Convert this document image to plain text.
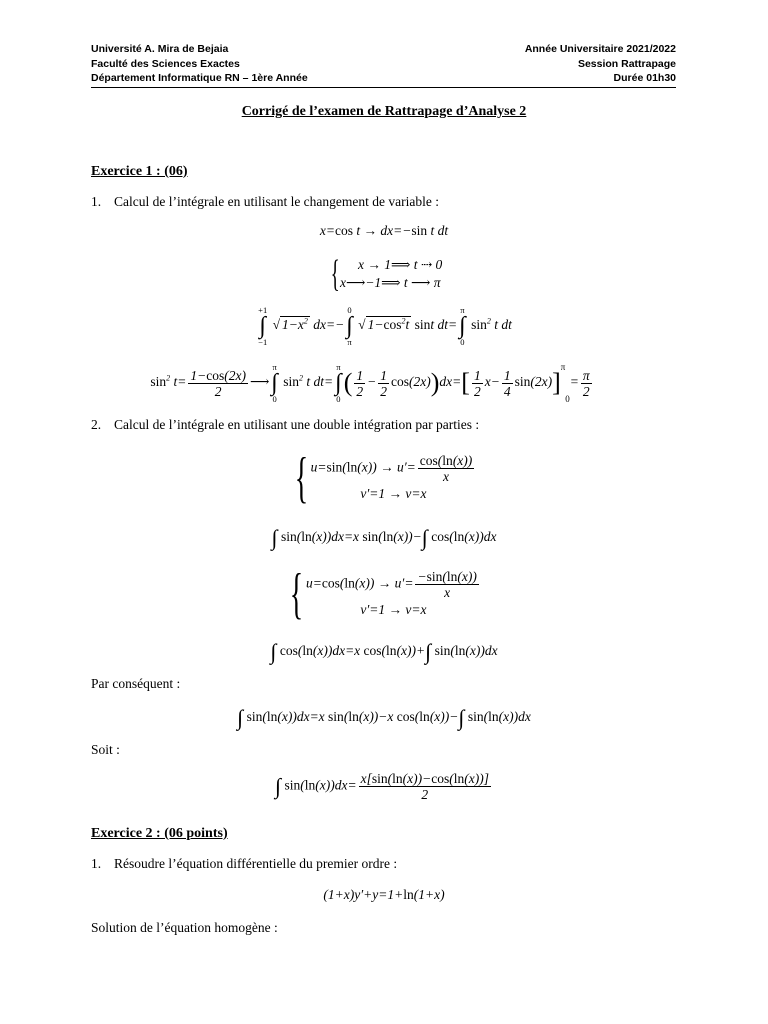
Université A. Mira de Bejaia
Faculté des Sciences Exactes
Département Informatique RN – 1ère Année
Année Universitaire 2021/2022
Session Rattrapage
Durée 01h30
Corrigé de l’examen de Rattrapage d’Analyse 2
Exercice 1 : (06)
1. Calcul de l’intégrale en utilisant le changement de variable :
x=cos t → dx=−sin t dt
{ x → 1⟹ t ⇢ 0
x⟶−1⟹ t ⟶ π
+1
∫
−1
√ $1-x^2$ dx=−
0
∫
π
√ $1-\cos^2t$ sint dt=
π
∫
0
$\sin^2 t$ dt
$\sin^2 t= \frac{1-\cos(2x)}{2}$ ⟶
π
∫
0
$\sin^2 t$ dt=
π
∫
0
( $\frac{1}{2} - \frac{1}{2} \cos(2x))dx=[ \frac{1}{2} x- \frac{1}{4} \sin(2x)]^\pi 0= \frac{\pi}{2}$
2. Calcul de l’intégrale en utilisant une double intégration par parties :
{ $u=\sin(\ln(x)) \to u'= \frac{\cos(\ln(x))}{x}$

v′=1 → v=x
∫ sin(ln(x))dx=x sin(ln(x))−∫ cos(ln(x))dx
{ $u=\cos(\ln(x)) \to u'= \frac{-\sin(\ln(x))}{x}$

v′=1 → v=x
∫ cos(ln(x))dx=x cos(ln(x))+∫ sin(ln(x))dx
Par conséquent :
∫ sin(ln(x))dx=x sin(ln(x))−x cos(ln(x))−∫ sin(ln(x))dx
Soit :
∫ $\sin(\ln(x))dx= \frac{x[\sin(\ln(x))-\cos(\ln(x))]}{2}$
Exercice 2 : (06 points)
1. Résoudre l’équation différentielle du premier ordre :
(1+x)y′+y=1+ln(1+x)
Solution de l’équation homogène :
